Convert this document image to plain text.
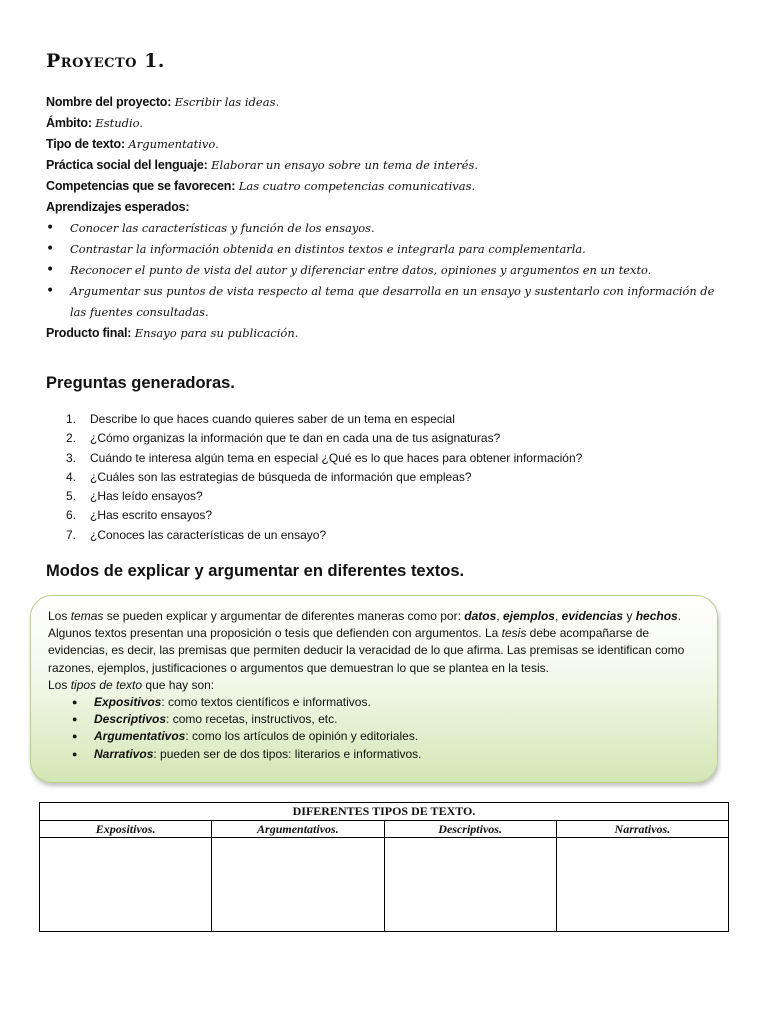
Proyecto 1.
Nombre del proyecto: Escribir las ideas.
Ámbito: Estudio.
Tipo de texto: Argumentativo.
Práctica social del lenguaje: Elaborar un ensayo sobre un tema de interés.
Competencias que se favorecen: Las cuatro competencias comunicativas.
Aprendizajes esperados:
• Conocer las características y función de los ensayos.
• Contrastar la información obtenida en distintos textos e integrarla para complementarla.
• Reconocer el punto de vista del autor y diferenciar entre datos, opiniones y argumentos en un texto.
• Argumentar sus puntos de vista respecto al tema que desarrolla en un ensayo y sustentarlo con información de las fuentes consultadas.
Producto final: Ensayo para su publicación.
Preguntas generadoras.
1. Describe lo que haces cuando quieres saber de un tema en especial
2. ¿Cómo organizas la información que te dan en cada una de tus asignaturas?
3. Cuándo te interesa algún tema en especial ¿Qué es lo que haces para obtener información?
4. ¿Cuáles son las estrategias de búsqueda de información que empleas?
5. ¿Has leído ensayos?
6. ¿Has escrito ensayos?
7. ¿Conoces las características de un ensayo?
Modos de explicar y argumentar en diferentes textos.

Los temas se pueden explicar y argumentar de diferentes maneras como por: datos, ejemplos, evidencias y hechos.

Algunos textos presentan una proposición o tesis que defienden con argumentos. La tesis debe acompañarse de evidencias, es decir, las premisas que permiten deducir la veracidad de lo que afirma. Las premisas se identifican como razones, ejemplos, justificaciones o argumentos que demuestran lo que se plantea en la tesis.

Los tipos de texto que hay son:

● Expositivos: como textos científicos e informativos.
● Descriptivos: como recetas, instructivos, etc.
● Argumentativos: como los artículos de opinión y editoriales.
● Narrativos: pueden ser de dos tipos: literarios e informativos.
DIFERENTES TIPOS DE TEXTO.			
Expositivos.	Argumentativos.	Descriptivos.	Narrativos.
